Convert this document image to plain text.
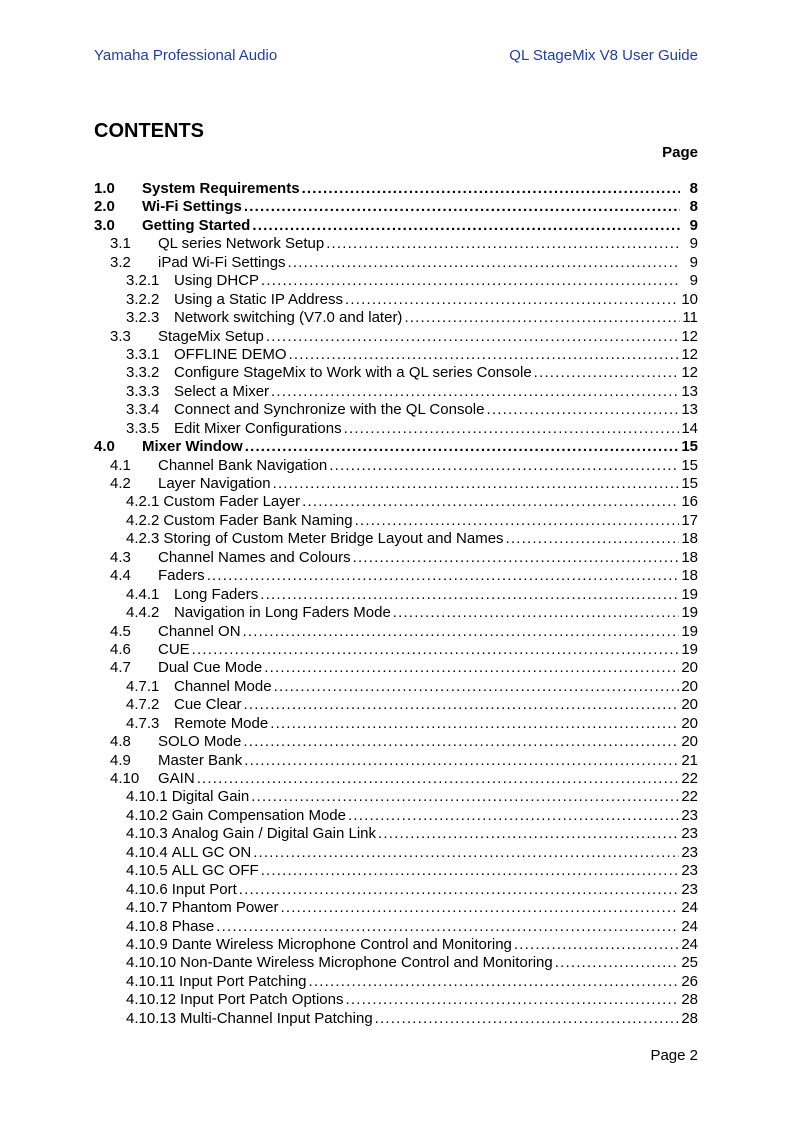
Yamaha Professional Audio	QL StageMix V8 User Guide
CONTENTS
Page
1.0	System Requirements .....	8
2.0	Wi-Fi Settings .....	8
3.0	Getting Started .....	9
3.1	QL series Network Setup .....	9
3.2	iPad Wi-Fi Settings .....	9
3.2.1 Using DHCP .....	9
3.2.2 Using a Static IP Address .....	10
3.2.3 Network switching (V7.0 and later) .....	11
3.3	StageMix Setup .....	12
3.3.1 OFFLINE DEMO .....	12
3.3.2 Configure StageMix to Work with a QL series Console .....	12
3.3.3 Select a Mixer .....	13
3.3.4 Connect and Synchronize with the QL Console .....	13
3.3.5 Edit Mixer Configurations .....	14
4.0	Mixer Window .....	15
4.1	Channel Bank Navigation .....	15
4.2	Layer Navigation .....	15
4.2.1 Custom Fader Layer .....	16
4.2.2 Custom Fader Bank Naming .....	17
4.2.3 Storing of Custom Meter Bridge Layout and Names .....	18
4.3	Channel Names and Colours .....	18
4.4	Faders .....	18
4.4.1 Long Faders .....	19
4.4.2 Navigation in Long Faders Mode .....	19
4.5	Channel ON .....	19
4.6	CUE .....	19
4.7	Dual Cue Mode .....	20
4.7.1 Channel Mode .....	20
4.7.2 Cue Clear .....	20
4.7.3 Remote Mode .....	20
4.8	SOLO Mode .....	20
4.9	Master Bank .....	21
4.10	GAIN .....	22
4.10.1 Digital Gain .....	22
4.10.2 Gain Compensation Mode .....	23
4.10.3 Analog Gain / Digital Gain Link .....	23
4.10.4 ALL GC ON .....	23
4.10.5 ALL GC OFF .....	23
4.10.6 Input Port .....	23
4.10.7 Phantom Power .....	24
4.10.8 Phase .....	24
4.10.9 Dante Wireless Microphone Control and Monitoring .....	24
4.10.10 Non-Dante Wireless Microphone Control and Monitoring .....	25
4.10.11 Input Port Patching .....	26
4.10.12 Input Port Patch Options .....	28
4.10.13 Multi-Channel Input Patching .....	28
Page 2
